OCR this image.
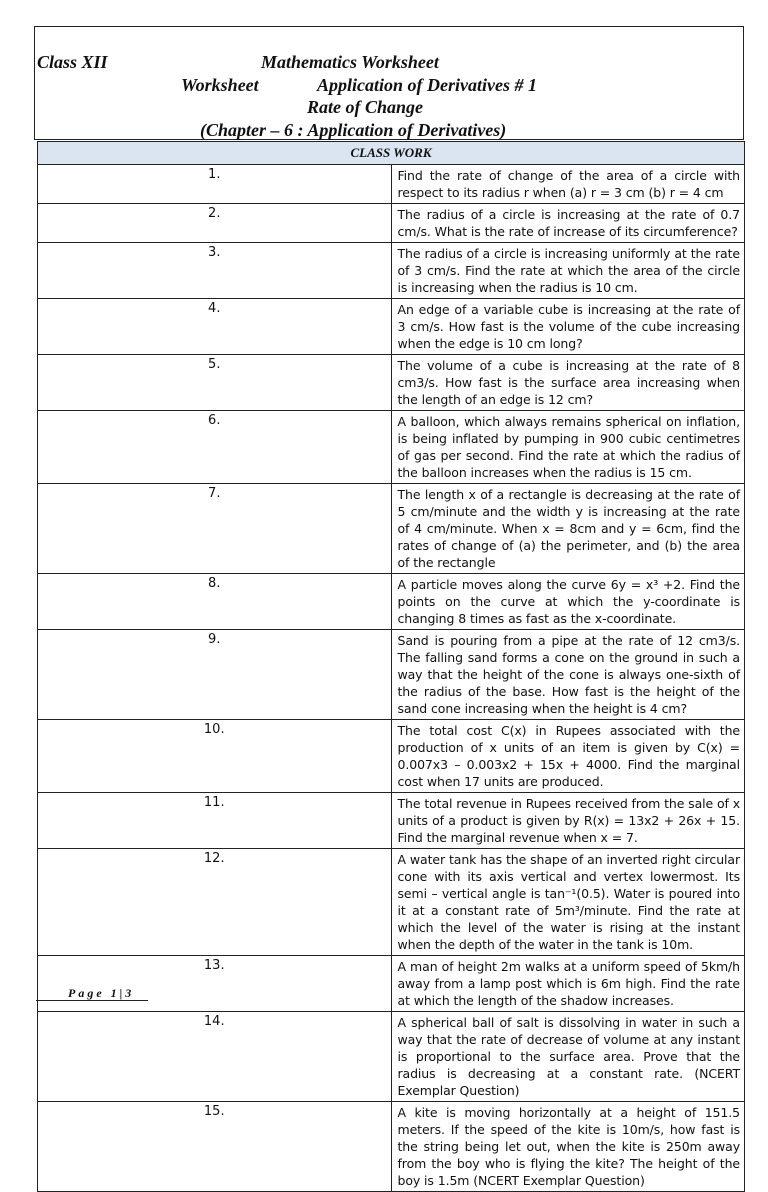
Class XII	Mathematics Worksheet
Worksheet	Application of Derivatives # 1
Rate of Change
(Chapter – 6 : Application of Derivatives)
CLASS WORK	
1.	Find the rate of change of the area of a circle with respect to its radius r when (a) r = 3 cm (b) r = 4 cm
2.	The radius of a circle is increasing at the rate of 0.7 cm/s. What is the rate of increase of its circumference?
3.	The radius of a circle is increasing uniformly at the rate of 3 cm/s. Find the rate at which the area of the circle is increasing when the radius is 10 cm.
4.	An edge of a variable cube is increasing at the rate of 3 cm/s. How fast is the volume of the cube increasing when the edge is 10 cm long?
5.	The volume of a cube is increasing at the rate of 8 cm3/s. How fast is the surface area increasing when the length of an edge is 12 cm?
6.	A balloon, which always remains spherical on inflation, is being inflated by pumping in 900 cubic centimetres of gas per second. Find the rate at which the radius of the balloon increases when the radius is 15 cm.
7.	The length x of a rectangle is decreasing at the rate of 5 cm/minute and the width y is increasing at the rate of 4 cm/minute. When x = 8cm and y = 6cm, find the rates of change of (a) the perimeter, and (b) the area of the rectangle
8.	A particle moves along the curve 6y = x³ +2. Find the points on the curve at which the y-coordinate is changing 8 times as fast as the x-coordinate.
9.	Sand is pouring from a pipe at the rate of 12 cm3/s. The falling sand forms a cone on the ground in such a way that the height of the cone is always one-sixth of the radius of the base. How fast is the height of the sand cone increasing when the height is 4 cm?
10.	The total cost C(x) in Rupees associated with the production of x units of an item is given by C(x) = 0.007x3 – 0.003x2 + 15x + 4000. Find the marginal cost when 17 units are produced.
11.	The total revenue in Rupees received from the sale of x units of a product is given by R(x) = 13x2 + 26x + 15. Find the marginal revenue when x = 7.
12.	A water tank has the shape of an inverted right circular cone with its axis vertical and vertex lowermost. Its semi – vertical angle is tan⁻¹(0.5). Water is poured into it at a constant rate of 5m³/minute. Find the rate at which the level of the water is rising at the instant when the depth of the water in the tank is 10m.
13.	A man of height 2m walks at a uniform speed of 5km/h away from a lamp post which is 6m high. Find the rate at which the length of the shadow increases.
14.	A spherical ball of salt is dissolving in water in such a way that the rate of decrease of volume at any instant is proportional to the surface area. Prove that the radius is decreasing at a constant rate. (NCERT Exemplar Question)
15.	A kite is moving horizontally at a height of 151.5 meters. If the speed of the kite is 10m/s, how fast is the string being let out, when the kite is 250m away from the boy who is flying the kite? The height of the boy is 1.5m (NCERT Exemplar Question)
Page 1|3
